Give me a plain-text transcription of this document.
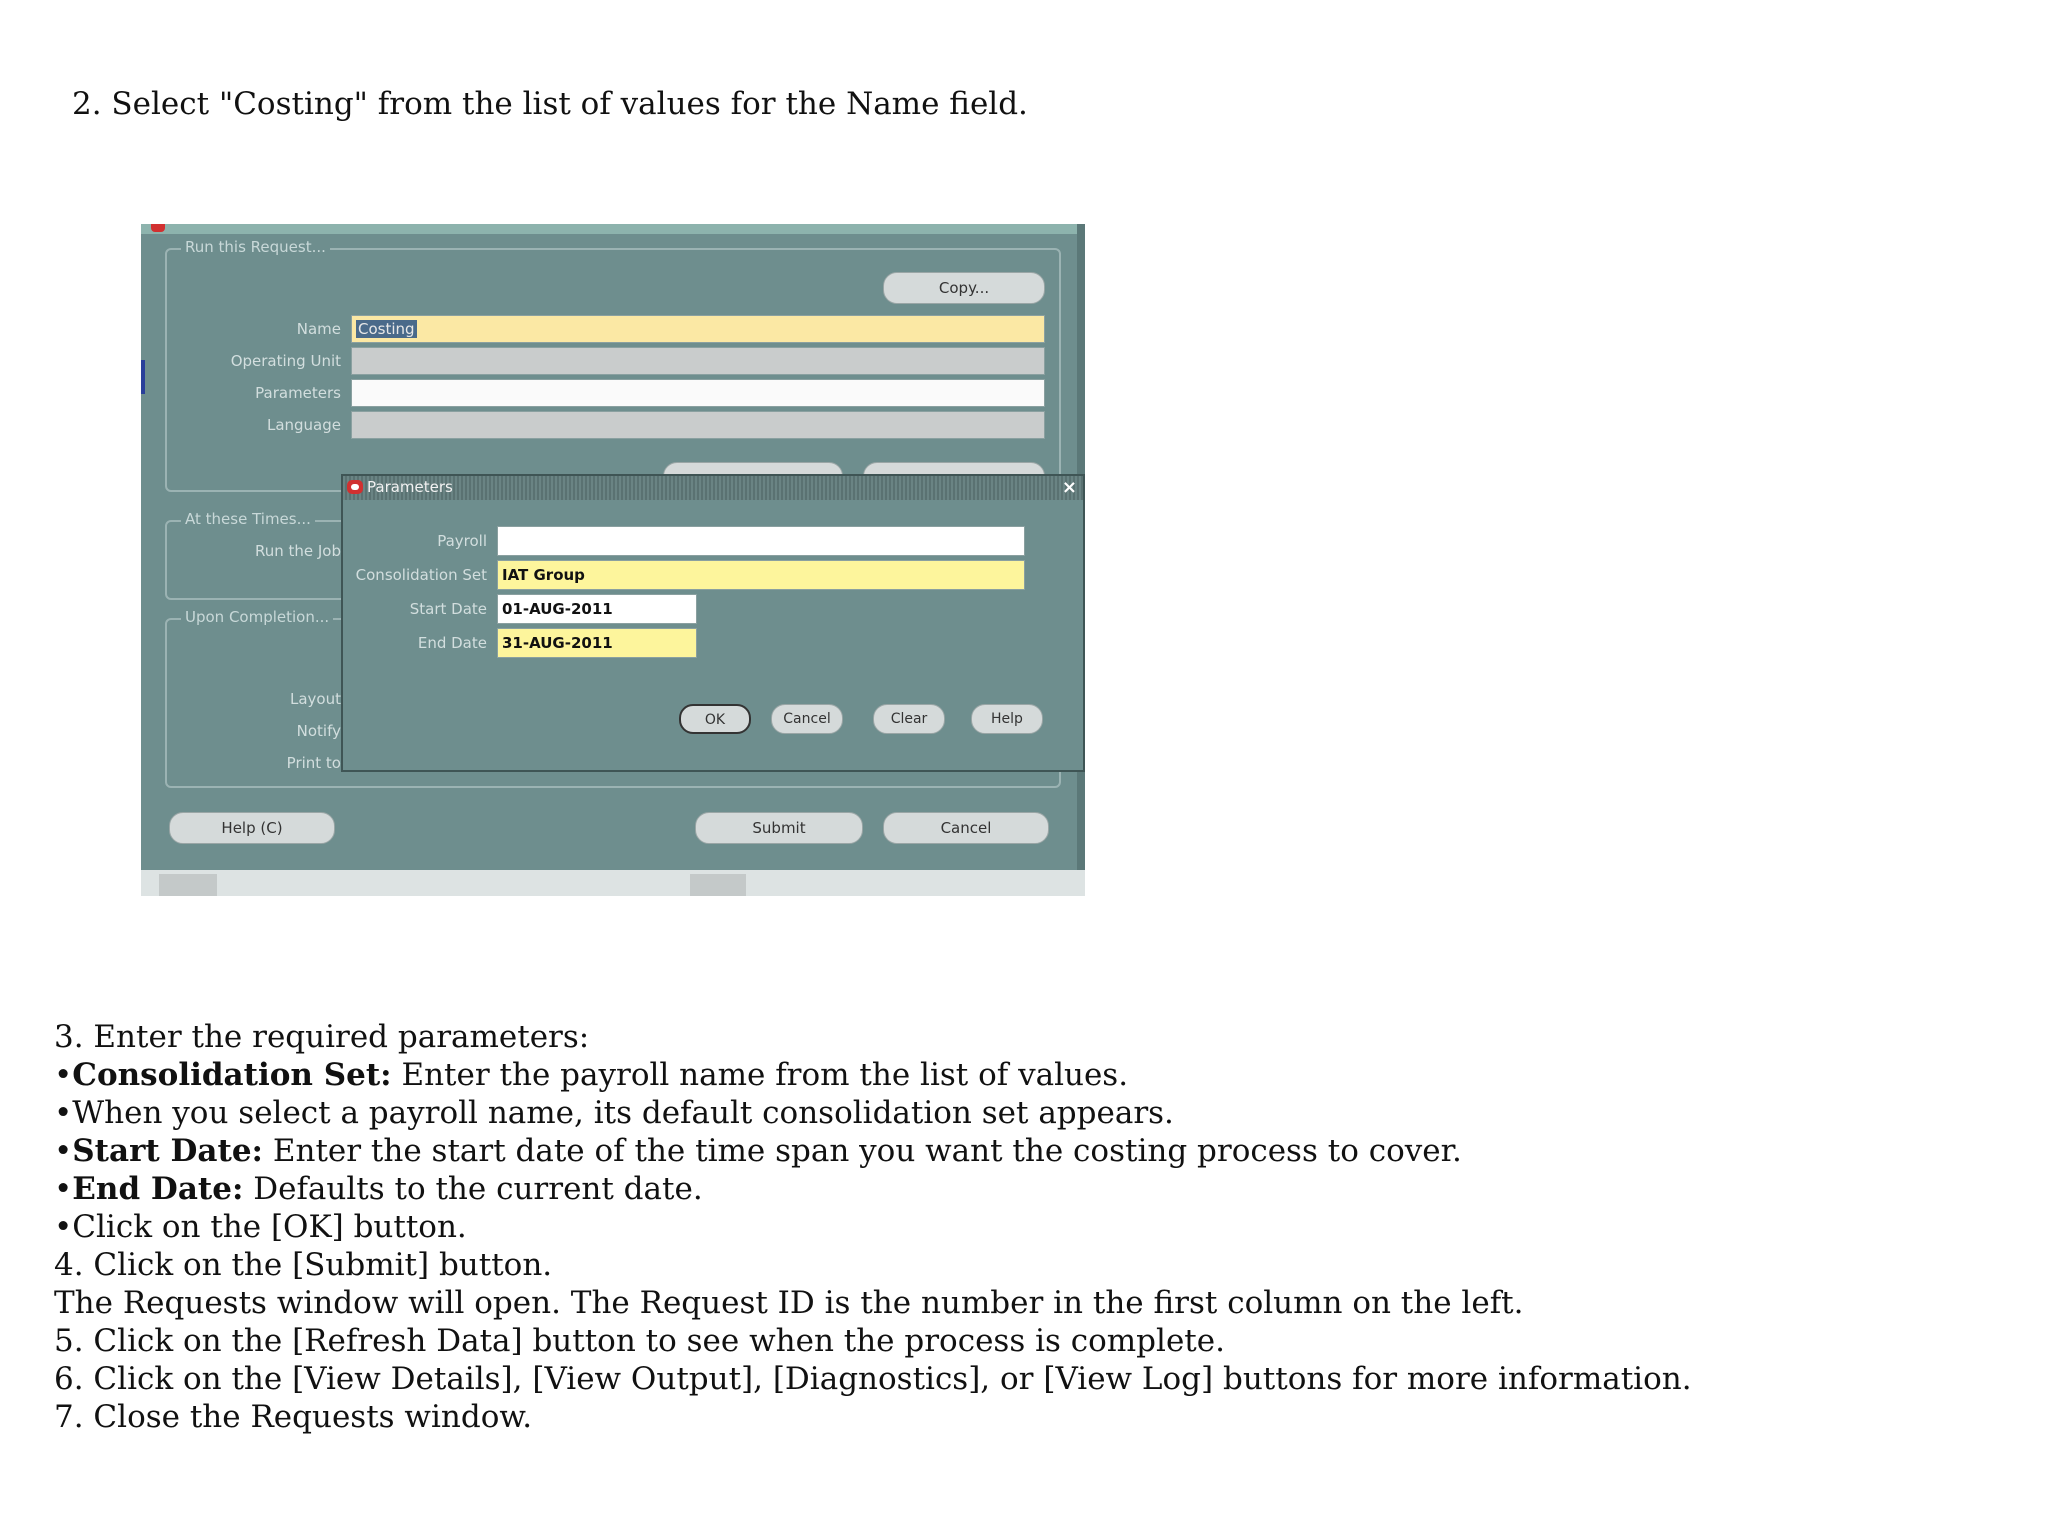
2. Select "Costing" from the list of values for the Name field.
Run this Request...
Copy...
Name	Costing
Operating Unit
Parameters
Language
At these Times...
Run the Job
Upon Completion...
Layout
Notify
Print to
Help (C)	Submit	Cancel
Parameters	×
Payroll
Consolidation Set	IAT Group
Start Date	01-AUG-2011
End Date	31-AUG-2011
OK	Cancel	Clear	Help
3. Enter the required parameters:
•Consolidation Set: Enter the payroll name from the list of values.
•When you select a payroll name, its default consolidation set appears.
•Start Date: Enter the start date of the time span you want the costing process to cover.
•End Date: Defaults to the current date.
•Click on the [OK] button.
4. Click on the [Submit] button.
The Requests window will open. The Request ID is the number in the first column on the left.
5. Click on the [Refresh Data] button to see when the process is complete.
6. Click on the [View Details], [View Output], [Diagnostics], or [View Log] buttons for more information.
7. Close the Requests window.
